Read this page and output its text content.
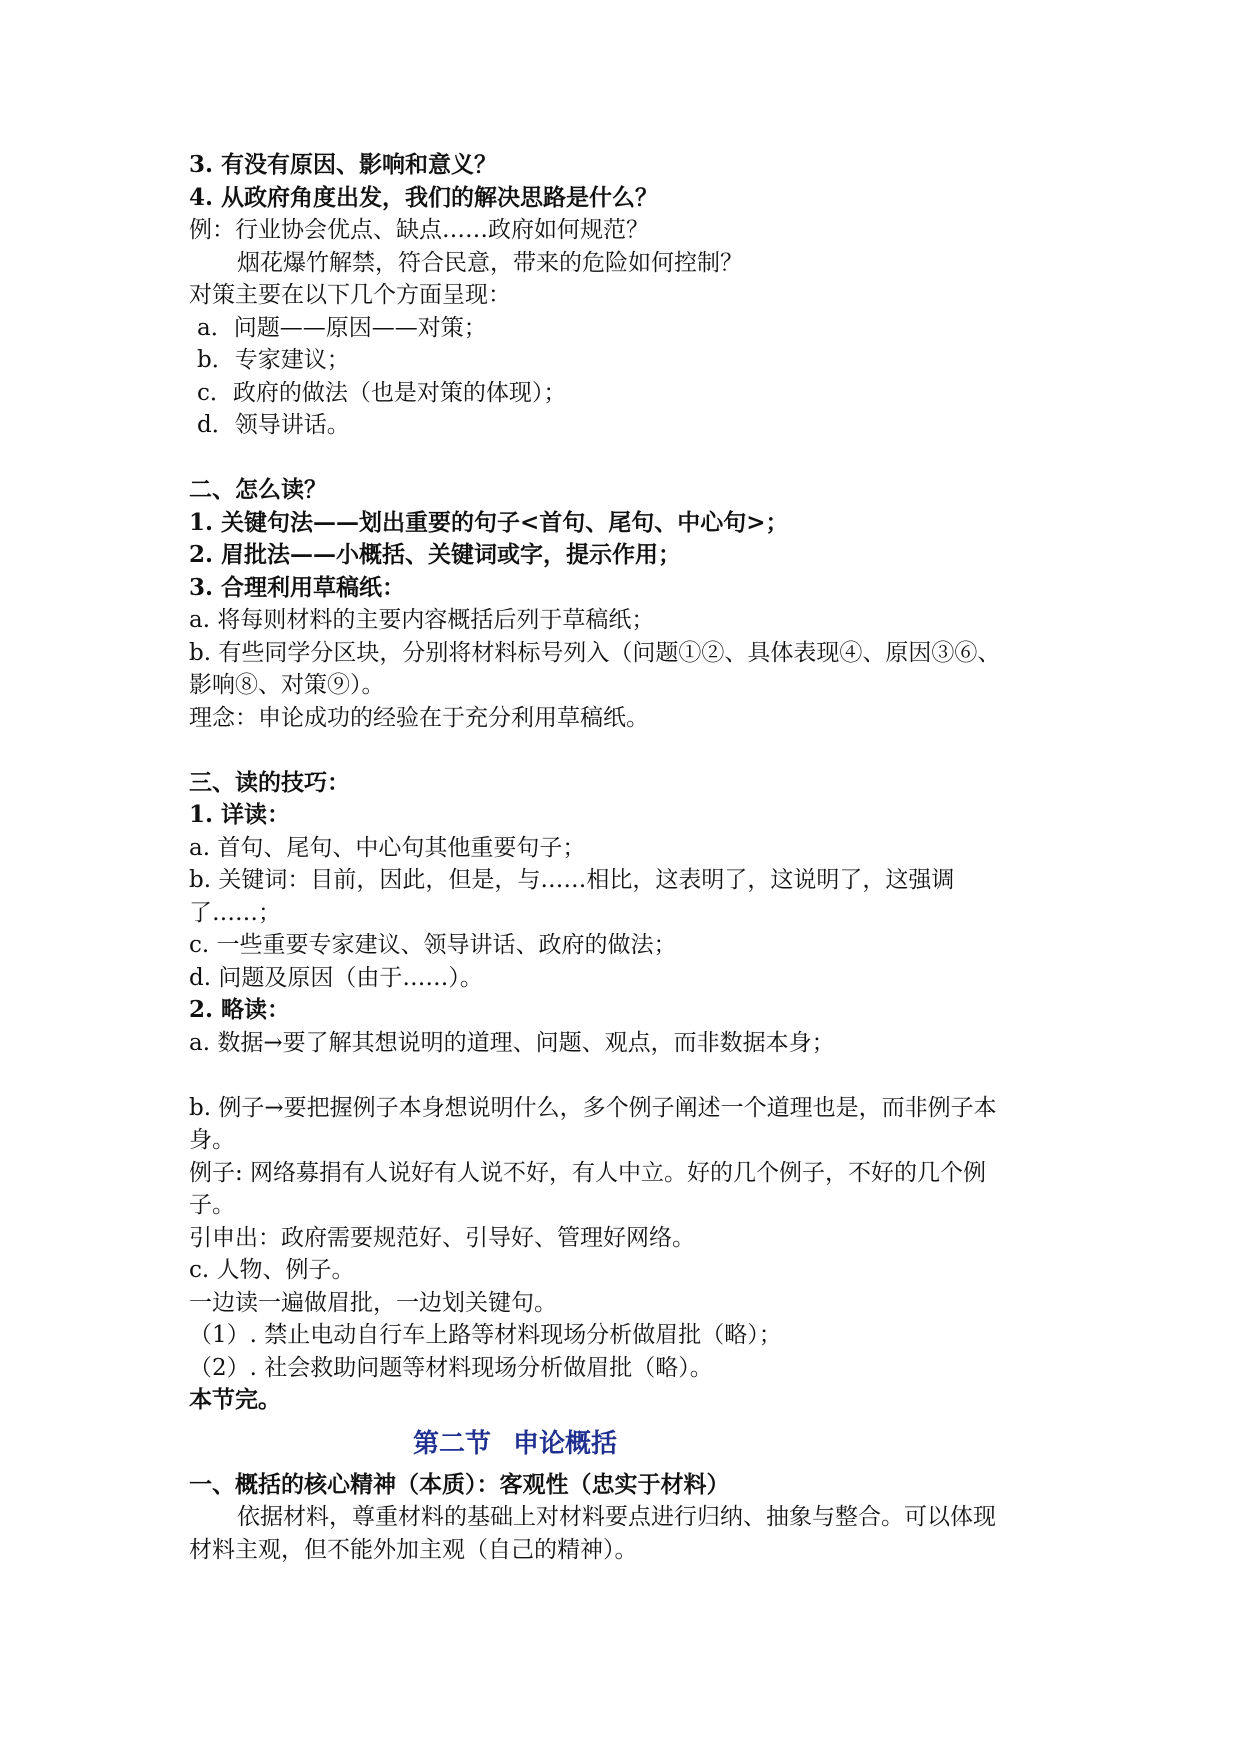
3. 有没有原因、影响和意义？
4. 从政府角度出发，我们的解决思路是什么？
例：行业协会优点、缺点……政府如何规范？
烟花爆竹解禁，符合民意，带来的危险如何控制？
对策主要在以下几个方面呈现：
a．问题——原因——对策；
b．专家建议；
c．政府的做法（也是对策的体现）；
d．领导讲话。
二、怎么读？
1. 关键句法——划出重要的句子<首句、尾句、中心句>；
2. 眉批法——小概括、关键词或字，提示作用；
3. 合理利用草稿纸：
a. 将每则材料的主要内容概括后列于草稿纸；
b. 有些同学分区块，分别将材料标号列入（问题①②、具体表现④、原因③⑥、
影响⑧、对策⑨）。
理念：申论成功的经验在于充分利用草稿纸。
三、读的技巧：
1. 详读：
a. 首句、尾句、中心句其他重要句子；
b. 关键词：目前，因此，但是，与……相比，这表明了，这说明了，这强调
了……；
c. 一些重要专家建议、领导讲话、政府的做法；
d. 问题及原因（由于……）。
2. 略读：
a. 数据→要了解其想说明的道理、问题、观点，而非数据本身；
b. 例子→要把握例子本身想说明什么，多个例子阐述一个道理也是，而非例子本
身。
例子: 网络募捐有人说好有人说不好，有人中立。好的几个例子，不好的几个例
子。
引申出：政府需要规范好、引导好、管理好网络。
c. 人物、例子。
一边读一遍做眉批，一边划关键句。
（1）. 禁止电动自行车上路等材料现场分析做眉批（略）；
（2）. 社会救助问题等材料现场分析做眉批（略）。
本节完。
第二节 申论概括
一、概括的核心精神（本质）：客观性（忠实于材料）
依据材料，尊重材料的基础上对材料要点进行归纳、抽象与整合。可以体现
材料主观，但不能外加主观（自己的精神）。
